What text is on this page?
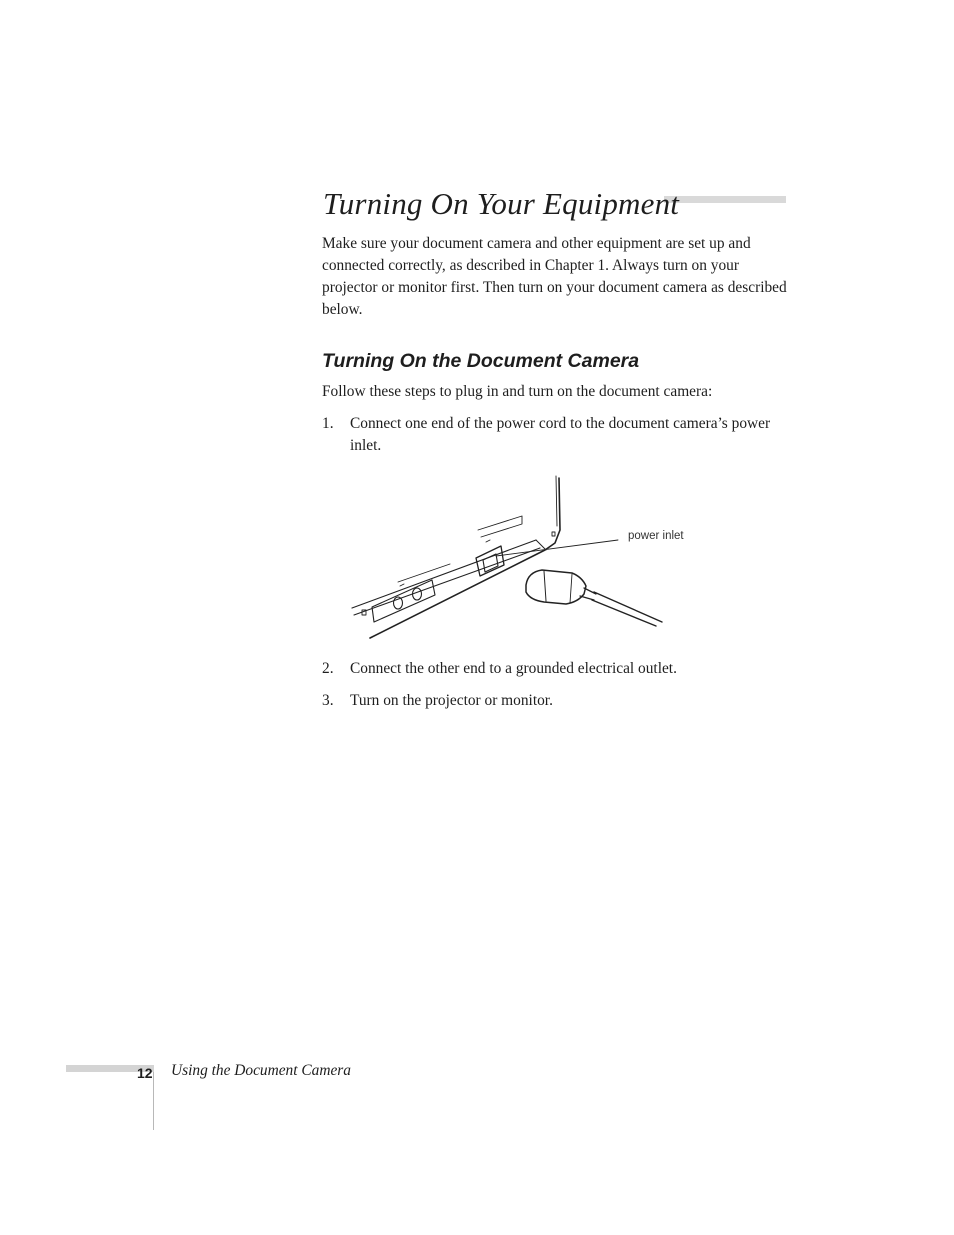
Turning On Your Equipment

Make sure your document camera and other equipment are set up and connected correctly, as described in Chapter 1. Always turn on your projector or monitor first. Then turn on your document camera as described below.

Turning On the Document Camera

Follow these steps to plug in and turn on the document camera:

1. Connect one end of the power cord to the document camera’s power inlet.
power inlet
2. Connect the other end to a grounded electrical outlet.
3. Turn on the projector or monitor.
12 Using the Document Camera
